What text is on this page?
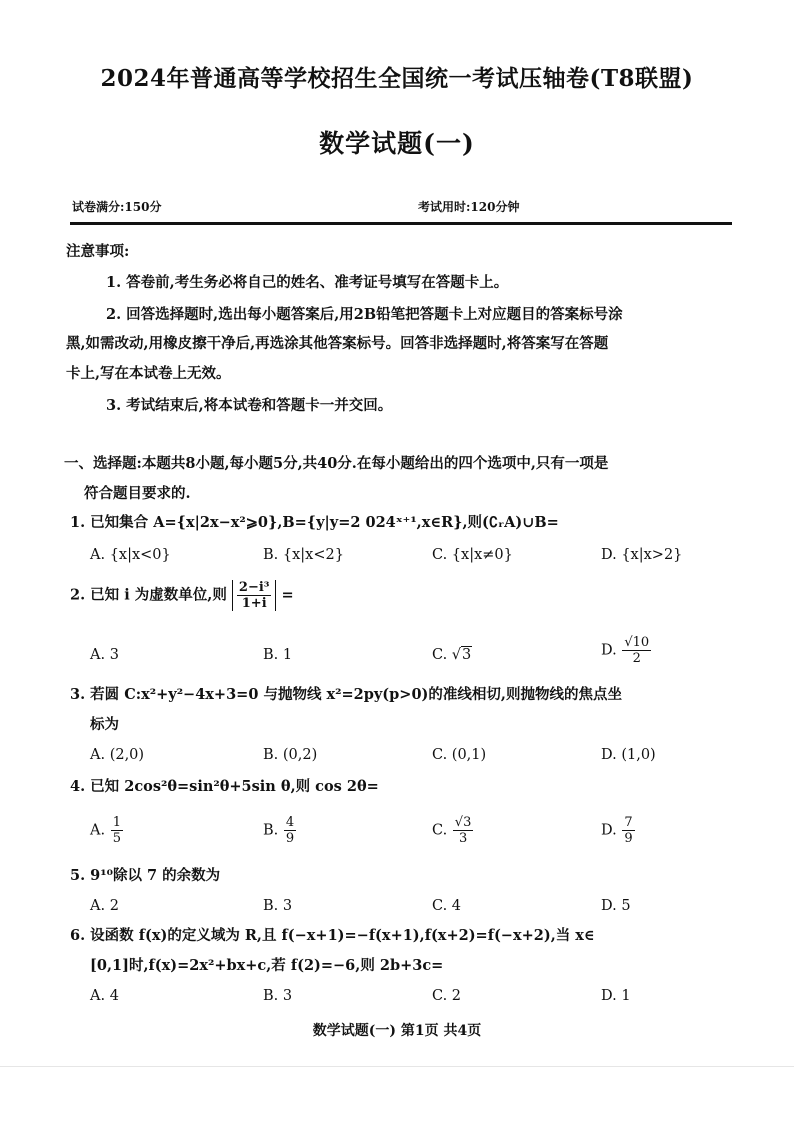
2024年普通高等学校招生全国统一考试压轴卷(T8联盟)
数学试题(一)
试卷满分:150分	考试用时:120分钟
注意事项:
1. 答卷前,考生务必将自己的姓名、准考证号填写在答题卡上。
2. 回答选择题时,选出每小题答案后,用2B铅笔把答题卡上对应题目的答案标号涂
黑,如需改动,用橡皮擦干净后,再选涂其他答案标号。回答非选择题时,将答案写在答题
卡上,写在本试卷上无效。
3. 考试结束后,将本试卷和答题卡一并交回。
一、选择题:本题共8小题,每小题5分,共40分.在每小题给出的四个选项中,只有一项是
符合题目要求的.
1. 已知集合 A={x|2x−x²⩾0},B={y|y=2 024ˣ⁺¹,x∈R},则(∁ᵣA)∪B=
A. {x|x<0}	B. {x|x<2}	C. {x|x≠0}	D. {x|x>2}
2. 已知 i 为虚数单位,则 $\frac{\text{2−i³}}{1+i}$ =
A. 3	B. 1	C. √3	D. $\frac{√10}{2}$
3. 若圆 C:x²+y²−4x+3=0 与抛物线 x²=2py(p>0)的准线相切,则抛物线的焦点坐
标为
A. (2,0)	B. (0,2)	C. (0,1)	D. (1,0)
4. 已知 2cos²θ=sin²θ+5sin θ,则 cos 2θ=
A. $\frac{1}{5}$	B. $\frac{4}{9}$	C. $\frac{√3}{3}$	D. $\frac{7}{9}$
5. 9¹⁰除以 7 的余数为
A. 2	B. 3	C. 4	D. 5
6. 设函数 f(x)的定义域为 R,且 f(−x+1)=−f(x+1),f(x+2)=f(−x+2),当 x∈
[0,1]时,f(x)=2x²+bx+c,若 f(2)=−6,则 2b+3c=
A. 4	B. 3	C. 2	D. 1
数学试题(一) 第1页 共4页
